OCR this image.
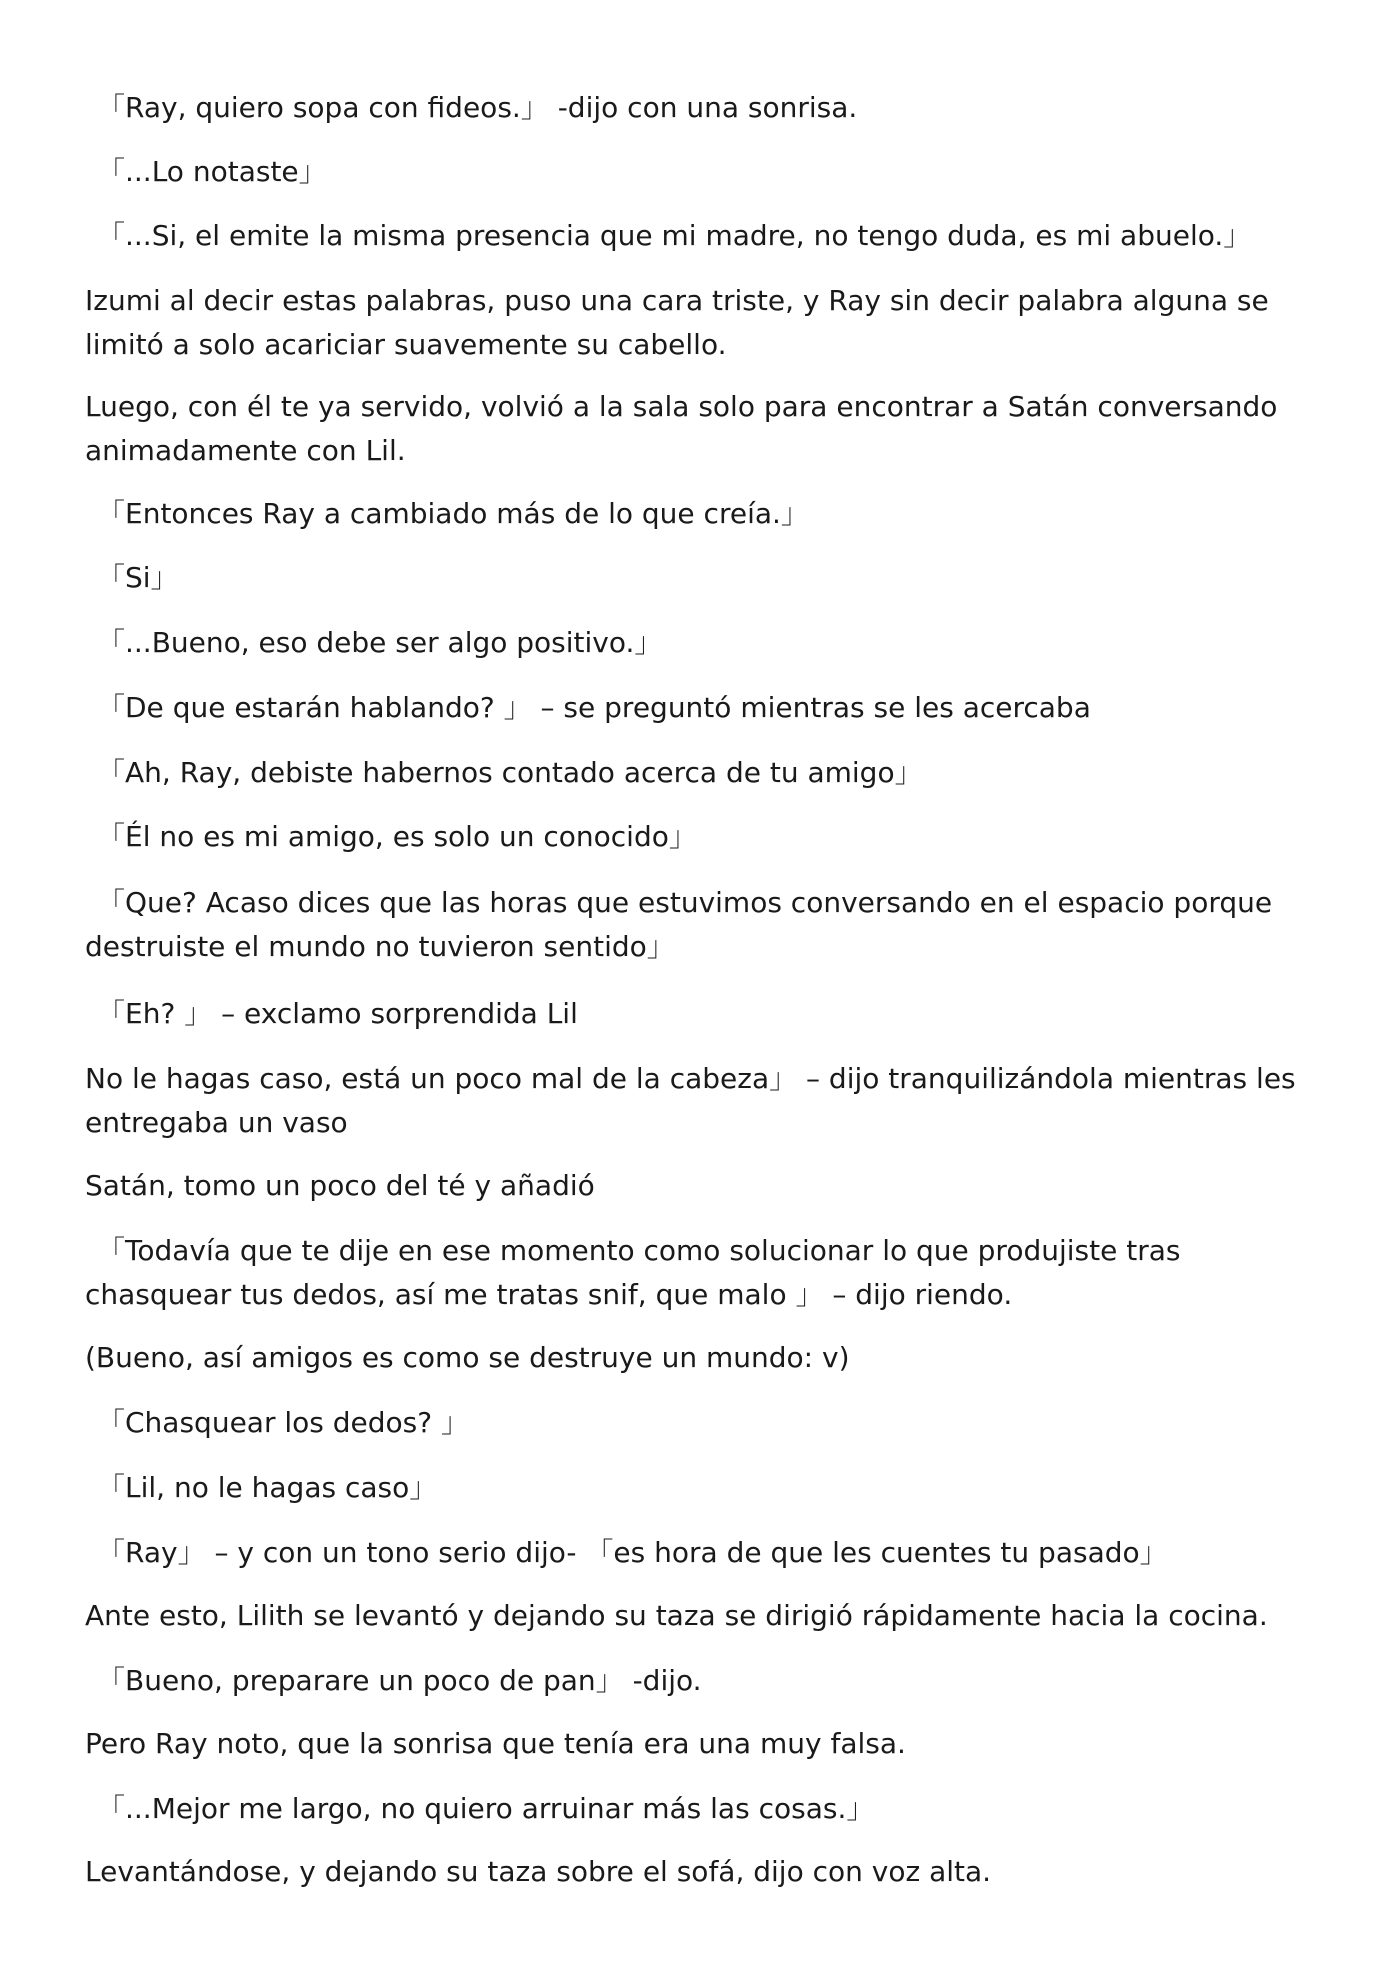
「Ray, quiero sopa con fideos.」 -dijo con una sonrisa.

「...Lo notaste」

「...Si, el emite la misma presencia que mi madre, no tengo duda, es mi abuelo.」

Izumi al decir estas palabras, puso una cara triste, y Ray sin decir palabra alguna se limitó a solo acariciar suavemente su cabello.

Luego, con él te ya servido, volvió a la sala solo para encontrar a Satán conversando animadamente con Lil.

「Entonces Ray a cambiado más de lo que creía.」

「Si」

「...Bueno, eso debe ser algo positivo.」

「De que estarán hablando? 」 – se preguntó mientras se les acercaba

「Ah, Ray, debiste habernos contado acerca de tu amigo」

「Él no es mi amigo, es solo un conocido」

「Que? Acaso dices que las horas que estuvimos conversando en el espacio porque destruiste el mundo no tuvieron sentido」

「Eh? 」 – exclamo sorprendida Lil

No le hagas caso, está un poco mal de la cabeza」 – dijo tranquilizándola mientras les entregaba un vaso

Satán, tomo un poco del té y añadió

「Todavía que te dije en ese momento como solucionar lo que produjiste tras chasquear tus dedos, así me tratas snif, que malo 」 – dijo riendo.

(Bueno, así amigos es como se destruye un mundo: v)

「Chasquear los dedos? 」

「Lil, no le hagas caso」

「Ray」 – y con un tono serio dijo- 「es hora de que les cuentes tu pasado」

Ante esto, Lilith se levantó y dejando su taza se dirigió rápidamente hacia la cocina.

「Bueno, preparare un poco de pan」 -dijo.

Pero Ray noto, que la sonrisa que tenía era una muy falsa.

「...Mejor me largo, no quiero arruinar más las cosas.」

Levantándose, y dejando su taza sobre el sofá, dijo con voz alta.
